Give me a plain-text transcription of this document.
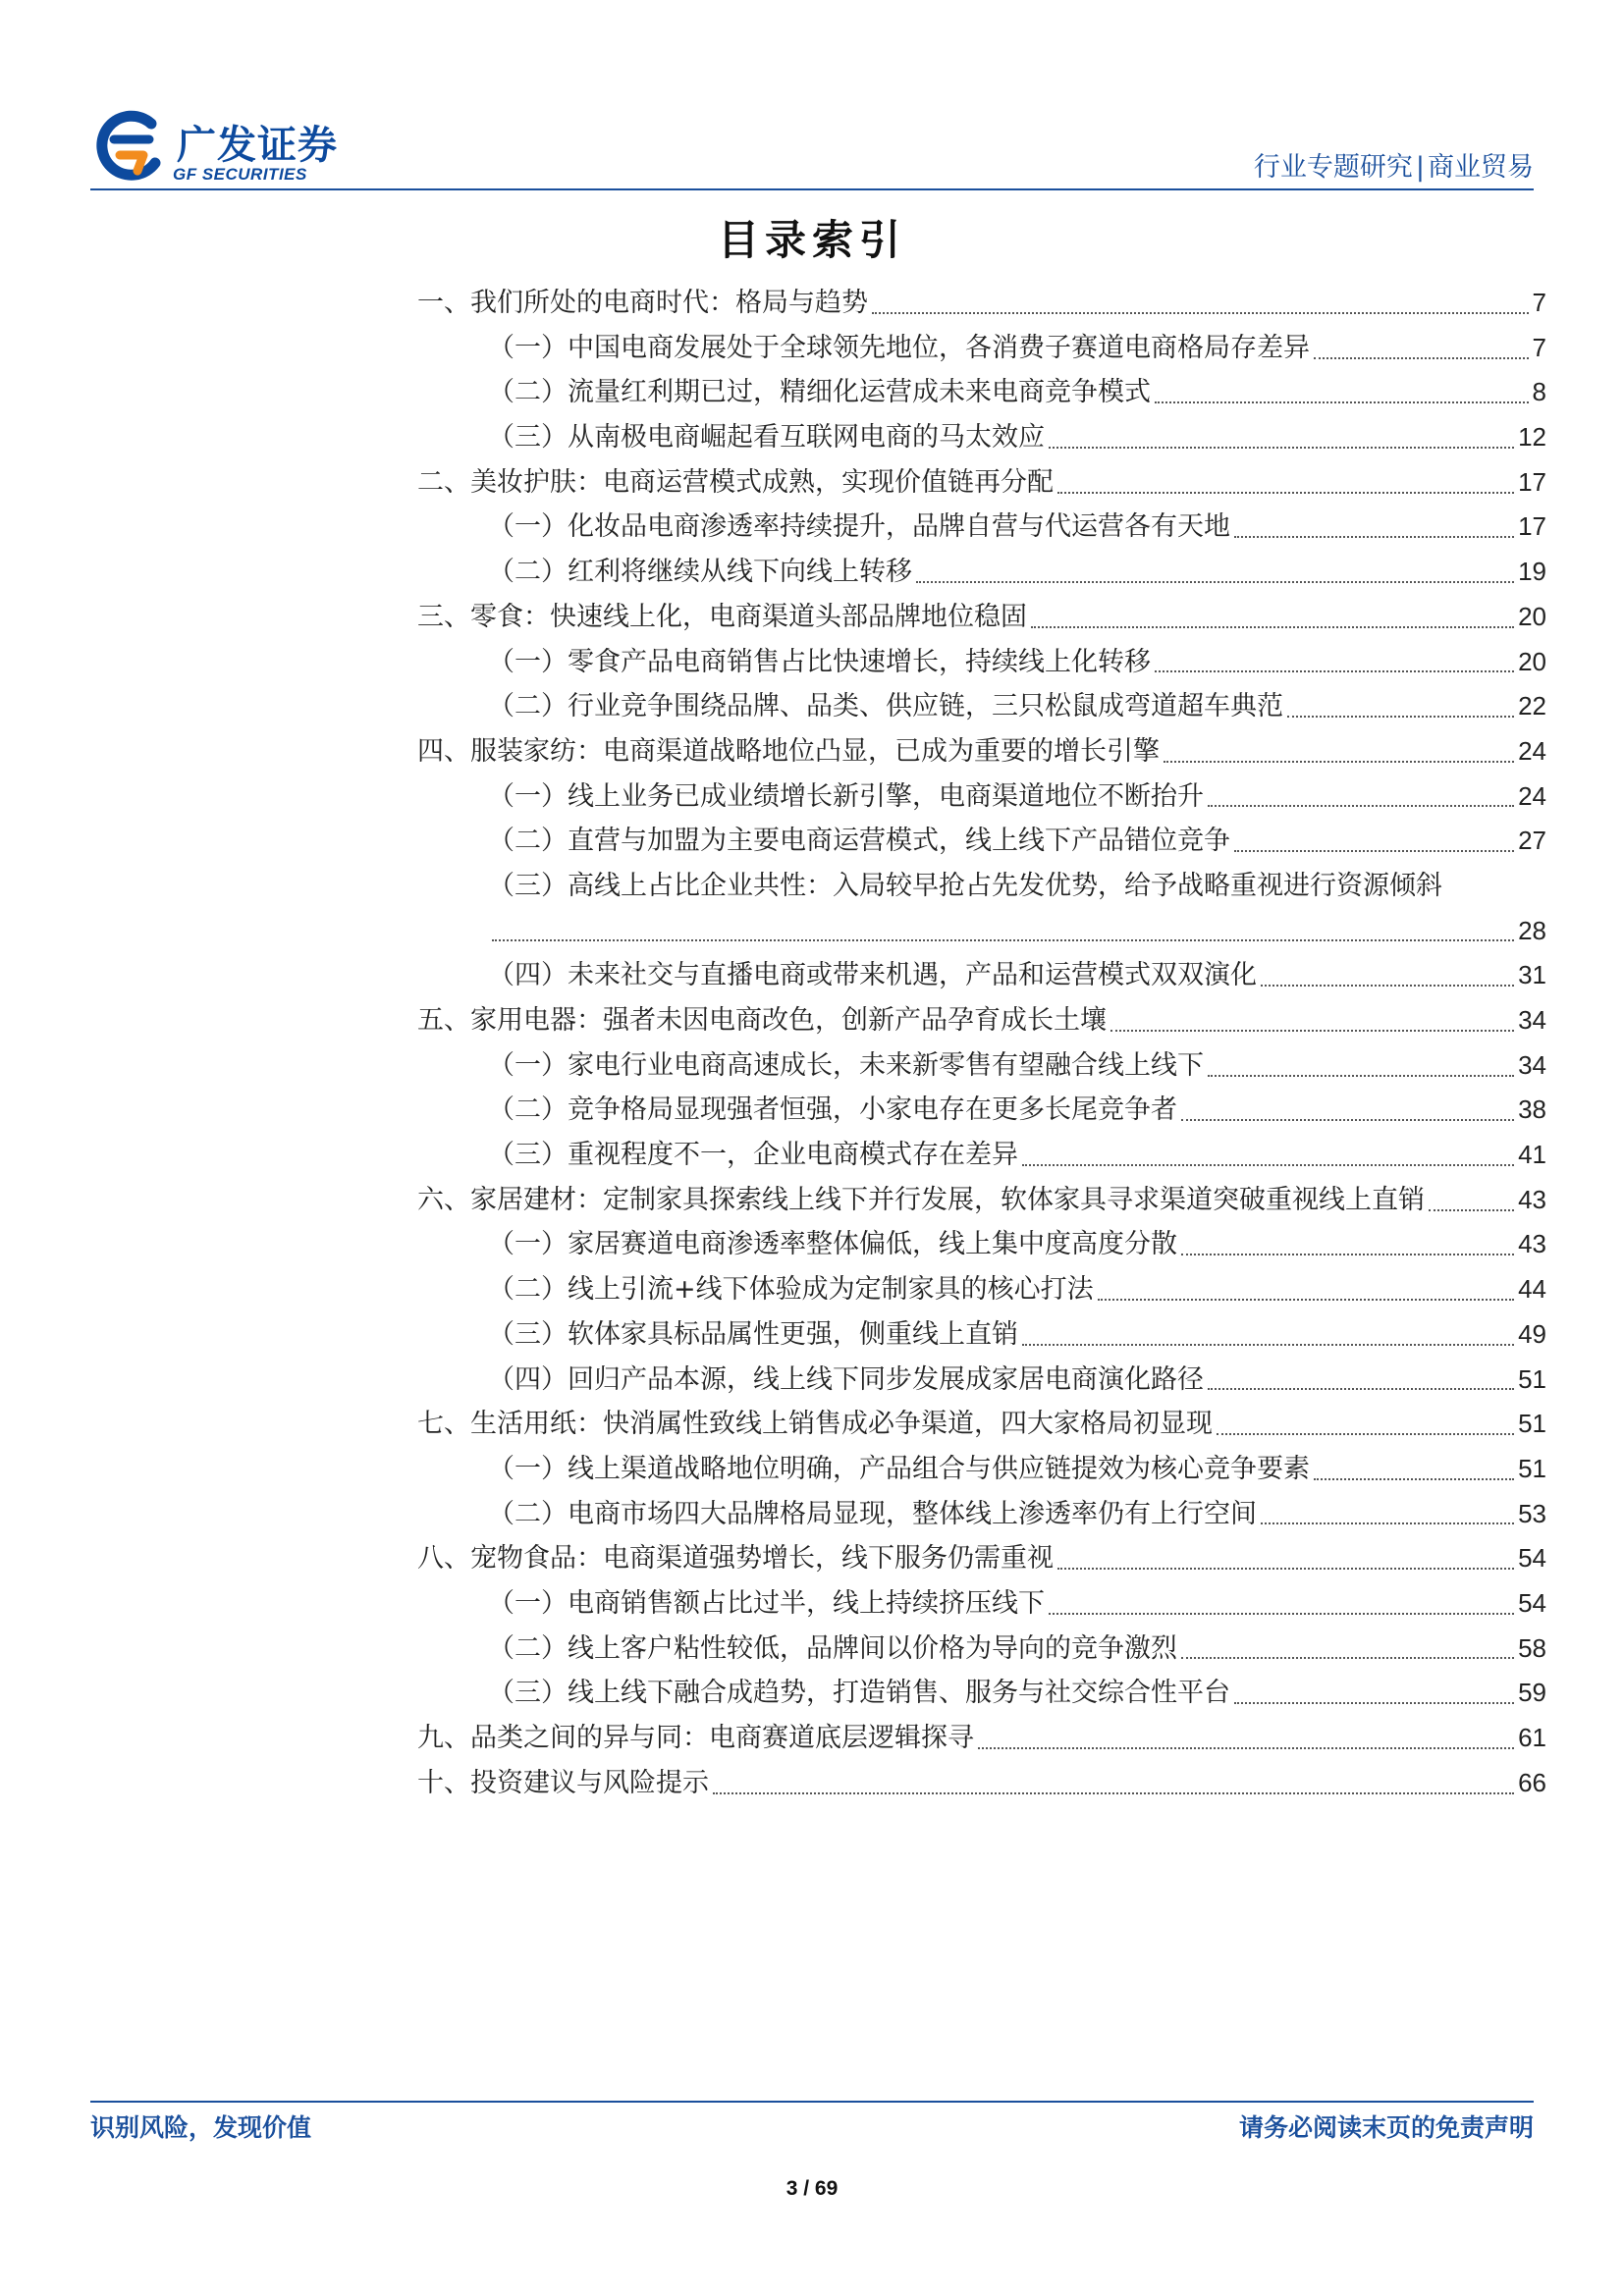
广发证券
GF SECURITIES	行业专题研究 | 商业贸易
目录索引
一、我们所处的电商时代：格局与趋势	7
（一）中国电商发展处于全球领先地位，各消费子赛道电商格局存差异	7
（二）流量红利期已过，精细化运营成未来电商竞争模式	8
（三）从南极电商崛起看互联网电商的马太效应	12
二、美妆护肤：电商运营模式成熟，实现价值链再分配	17
（一）化妆品电商渗透率持续提升，品牌自营与代运营各有天地	17
（二）红利将继续从线下向线上转移	19
三、零食：快速线上化，电商渠道头部品牌地位稳固	20
（一）零食产品电商销售占比快速增长，持续线上化转移	20
（二）行业竞争围绕品牌、品类、供应链，三只松鼠成弯道超车典范	22
四、服装家纺：电商渠道战略地位凸显，已成为重要的增长引擎	24
（一）线上业务已成业绩增长新引擎，电商渠道地位不断抬升	24
（二）直营与加盟为主要电商运营模式，线上线下产品错位竞争	27
（三）高线上占比企业共性：入局较早抢占先发优势，给予战略重视进行资源倾斜
28
（四）未来社交与直播电商或带来机遇，产品和运营模式双双演化	31
五、家用电器：强者未因电商改色，创新产品孕育成长土壤	34
（一）家电行业电商高速成长，未来新零售有望融合线上线下	34
（二）竞争格局显现强者恒强，小家电存在更多长尾竞争者	38
（三）重视程度不一，企业电商模式存在差异	41
六、家居建材：定制家具探索线上线下并行发展，软体家具寻求渠道突破重视线上直销	43
（一）家居赛道电商渗透率整体偏低，线上集中度高度分散	43
（二）线上引流+线下体验成为定制家具的核心打法	44
（三）软体家具标品属性更强，侧重线上直销	49
（四）回归产品本源，线上线下同步发展成家居电商演化路径	51
七、生活用纸：快消属性致线上销售成必争渠道，四大家格局初显现	51
（一）线上渠道战略地位明确，产品组合与供应链提效为核心竞争要素	51
（二）电商市场四大品牌格局显现，整体线上渗透率仍有上行空间	53
八、宠物食品：电商渠道强势增长，线下服务仍需重视	54
（一）电商销售额占比过半，线上持续挤压线下	54
（二）线上客户粘性较低，品牌间以价格为导向的竞争激烈	58
（三）线上线下融合成趋势，打造销售、服务与社交综合性平台	59
九、品类之间的异与同：电商赛道底层逻辑探寻	61
十、投资建议与风险提示	66
识别风险，发现价值	请务必阅读末页的免责声明
3 / 69
